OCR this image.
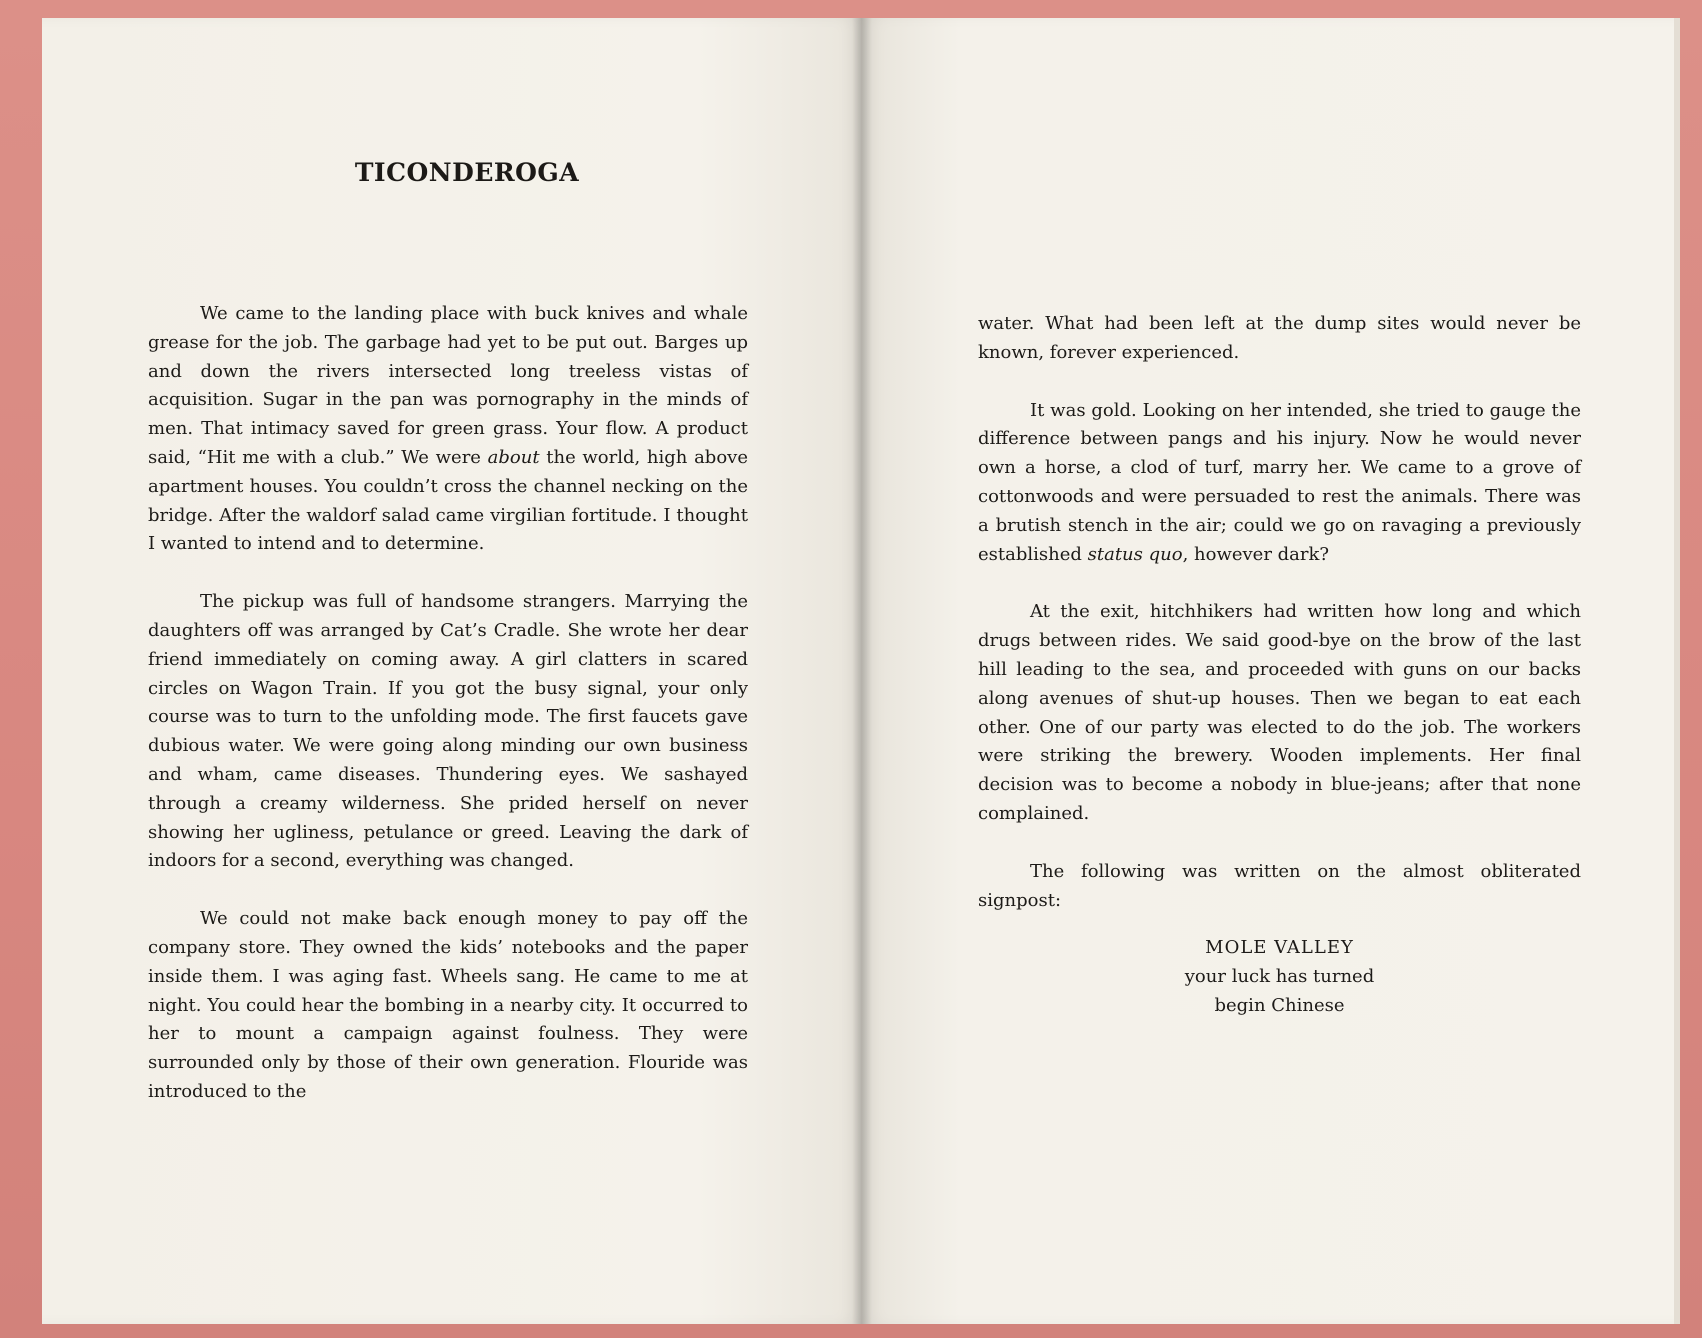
TICONDEROGA

We came to the landing place with buck knives and whale grease for the job. The garbage had yet to be put out. Barges up and down the rivers intersected long treeless vistas of acquisition. Sugar in the pan was pornography in the minds of men. That intimacy saved for green grass. Your flow. A product said, “Hit me with a club.” We were about the world, high above apartment houses. You couldn’t cross the channel necking on the bridge. After the waldorf salad came virgilian fortitude. I thought I wanted to intend and to determine.

The pickup was full of handsome strangers. Marrying the daughters off was arranged by Cat’s Cradle. She wrote her dear friend immediately on coming away. A girl clatters in scared circles on Wagon Train. If you got the busy signal, your only course was to turn to the unfolding mode. The first faucets gave dubious water. We were going along minding our own business and wham, came diseases. Thundering eyes. We sashayed through a creamy wilderness. She prided herself on never showing her ugliness, petulance or greed. Leaving the dark of indoors for a second, everything was changed.

We could not make back enough money to pay off the company store. They owned the kids’ notebooks and the paper inside them. I was aging fast. Wheels sang. He came to me at night. You could hear the bombing in a nearby city. It occurred to her to mount a campaign against foulness. They were surrounded only by those of their own generation. Flouride was introduced to the

water. What had been left at the dump sites would never be known, forever experienced.

It was gold. Looking on her intended, she tried to gauge the difference between pangs and his injury. Now he would never own a horse, a clod of turf, marry her. We came to a grove of cottonwoods and were persuaded to rest the animals. There was a brutish stench in the air; could we go on ravaging a previously established status quo, however dark?

At the exit, hitchhikers had written how long and which drugs between rides. We said good-bye on the brow of the last hill leading to the sea, and proceeded with guns on our backs along avenues of shut-up houses. Then we began to eat each other. One of our party was elected to do the job. The workers were striking the brewery. Wooden implements. Her final decision was to become a nobody in blue-jeans; after that none complained.

The following was written on the almost obliterated signpost:

MOLE VALLEY
your luck has turned
begin Chinese
